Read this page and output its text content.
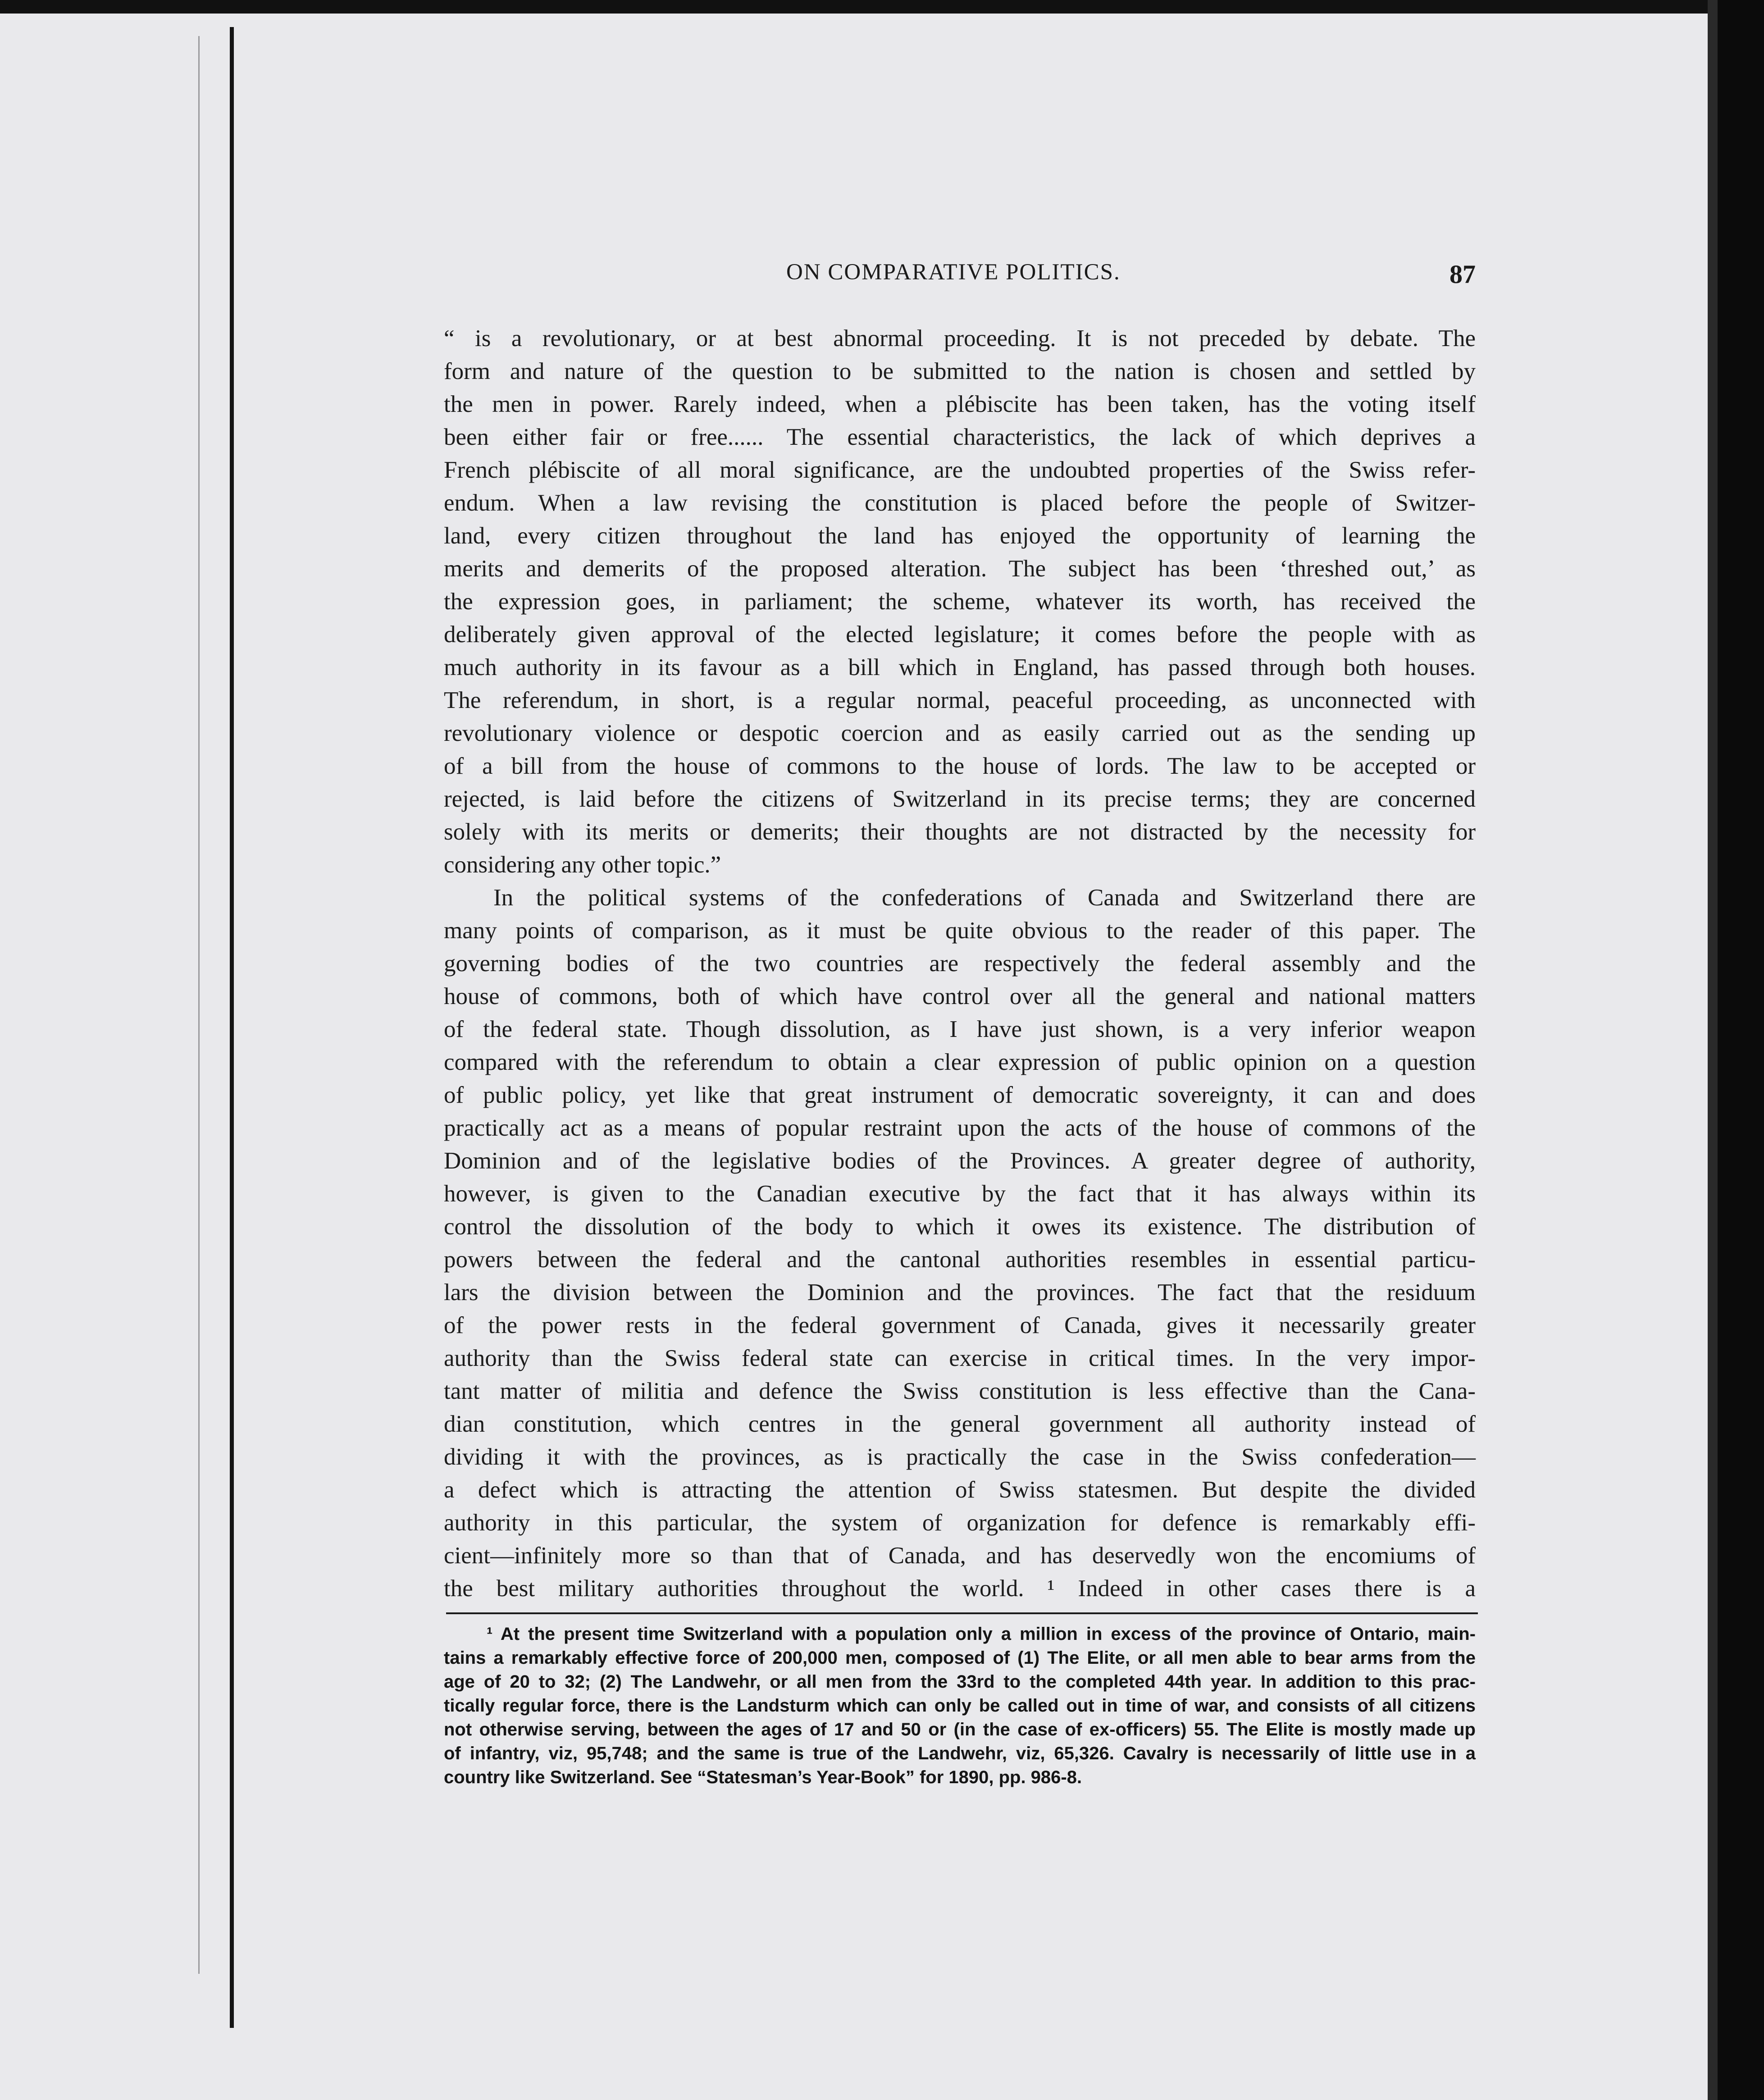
ON COMPARATIVE POLITICS.	87
“ is a revolutionary, or at best abnormal proceeding. It is not preceded by debate. The
form and nature of the question to be submitted to the nation is chosen and settled by
the men in power. Rarely indeed, when a plébiscite has been taken, has the voting itself
been either fair or free...... The essential characteristics, the lack of which deprives a
French plébiscite of all moral significance, are the undoubted properties of the Swiss refer-
endum. When a law revising the constitution is placed before the people of Switzer-
land, every citizen throughout the land has enjoyed the opportunity of learning the
merits and demerits of the proposed alteration. The subject has been ‘threshed out,’ as
the expression goes, in parliament; the scheme, whatever its worth, has received the
deliberately given approval of the elected legislature; it comes before the people with as
much authority in its favour as a bill which in England, has passed through both houses.
The referendum, in short, is a regular normal, peaceful proceeding, as unconnected with
revolutionary violence or despotic coercion and as easily carried out as the sending up
of a bill from the house of commons to the house of lords. The law to be accepted or
rejected, is laid before the citizens of Switzerland in its precise terms; they are concerned
solely with its merits or demerits; their thoughts are not distracted by the necessity for
considering any other topic.”
In the political systems of the confederations of Canada and Switzerland there are
many points of comparison, as it must be quite obvious to the reader of this paper. The
governing bodies of the two countries are respectively the federal assembly and the
house of commons, both of which have control over all the general and national matters
of the federal state. Though dissolution, as I have just shown, is a very inferior weapon
compared with the referendum to obtain a clear expression of public opinion on a question
of public policy, yet like that great instrument of democratic sovereignty, it can and does
practically act as a means of popular restraint upon the acts of the house of commons of the
Dominion and of the legislative bodies of the Provinces. A greater degree of authority,
however, is given to the Canadian executive by the fact that it has always within its
control the dissolution of the body to which it owes its existence. The distribution of
powers between the federal and the cantonal authorities resembles in essential particu-
lars the division between the Dominion and the provinces. The fact that the residuum
of the power rests in the federal government of Canada, gives it necessarily greater
authority than the Swiss federal state can exercise in critical times. In the very impor-
tant matter of militia and defence the Swiss constitution is less effective than the Cana-
dian constitution, which centres in the general government all authority instead of
dividing it with the provinces, as is practically the case in the Swiss confederation—
a defect which is attracting the attention of Swiss statesmen. But despite the divided
authority in this particular, the system of organization for defence is remarkably effi-
cient—infinitely more so than that of Canada, and has deservedly won the encomiums of
the best military authorities throughout the world. ¹ Indeed in other cases there is a
¹ At the present time Switzerland with a population only a million in excess of the province of Ontario, main-
tains a remarkably effective force of 200,000 men, composed of (1) The Elite, or all men able to bear arms from the
age of 20 to 32; (2) The Landwehr, or all men from the 33rd to the completed 44th year. In addition to this prac-
tically regular force, there is the Landsturm which can only be called out in time of war, and consists of all citizens
not otherwise serving, between the ages of 17 and 50 or (in the case of ex-officers) 55. The Elite is mostly made up
of infantry, viz, 95,748; and the same is true of the Landwehr, viz, 65,326. Cavalry is necessarily of little use in a
country like Switzerland. See “Statesman’s Year-Book” for 1890, pp. 986-8.
